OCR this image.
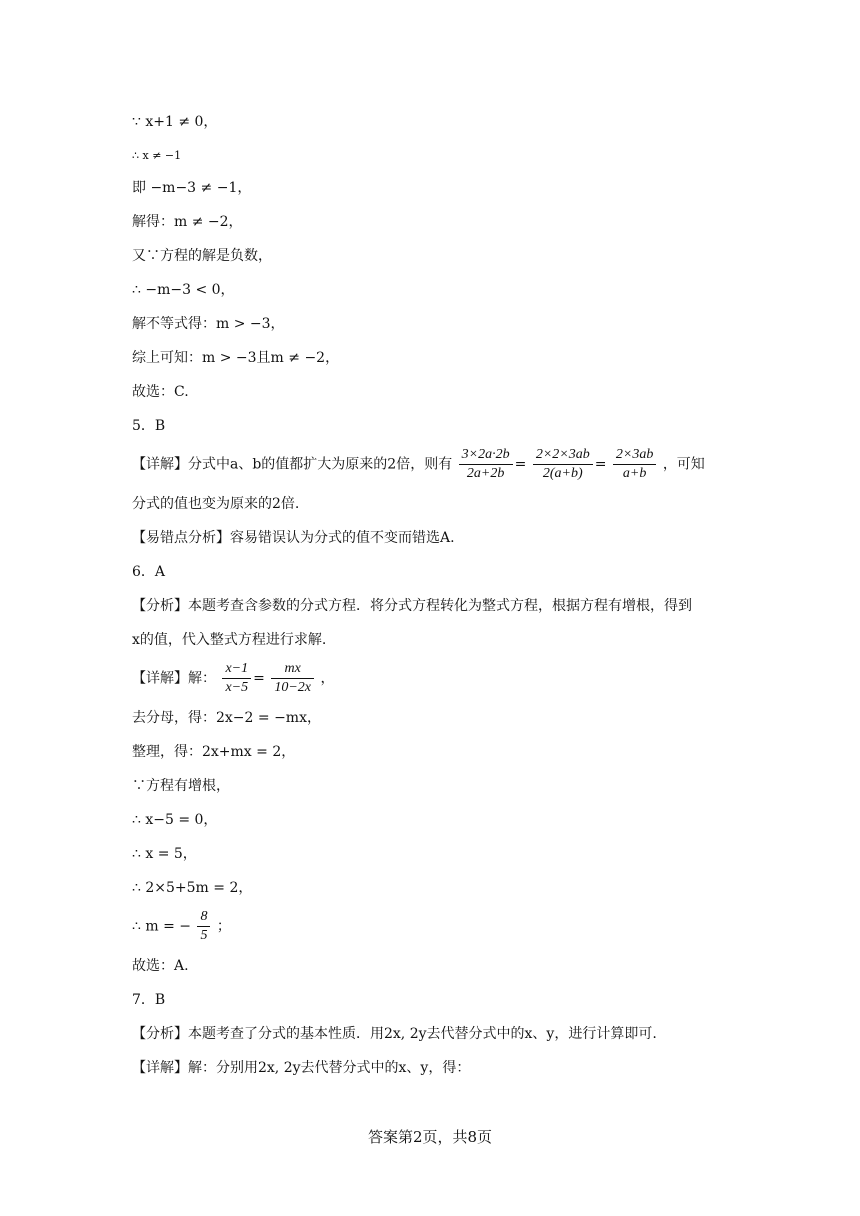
∵ x+1 ≠ 0，
∴ x ≠ −1
即 −m−3 ≠ −1，
解得：m ≠ −2，
又∵方程的解是负数，
∴ −m−3 < 0，
解不等式得：m > −3，
综上可知：m > −3且m ≠ −2，
故选：C.
5．B
【详解】分式中a、b的值都扩大为原来的2倍，则有 $\frac{3\times 2a\cdot 2b}{2a+2b} = \frac{2\times 2\times 3ab}{2(a+b)} = \frac{2\times 3ab}{a+b}$ ，可知
分式的值也变为原来的2倍.
【易错点分析】容易错误认为分式的值不变而错选A.
6．A
【分析】本题考查含参数的分式方程．将分式方程转化为整式方程，根据方程有增根，得到
x的值，代入整式方程进行求解.
【详解】解： $\frac{x-1}{x-5} = \frac{mx}{10-2x}$ ，
去分母，得：2x−2 = −mx，
整理，得：2x+mx = 2，
∵方程有增根，
∴ x−5 = 0，
∴ x = 5，
∴ 2×5+5m = 2，
∴ m = − $\frac{8}{5}$ ；
故选：A.
7．B
【分析】本题考查了分式的基本性质．用2x, 2y去代替分式中的x、y，进行计算即可.
【详解】解：分别用2x, 2y去代替分式中的x、y，得：
答案第2页，共8页
